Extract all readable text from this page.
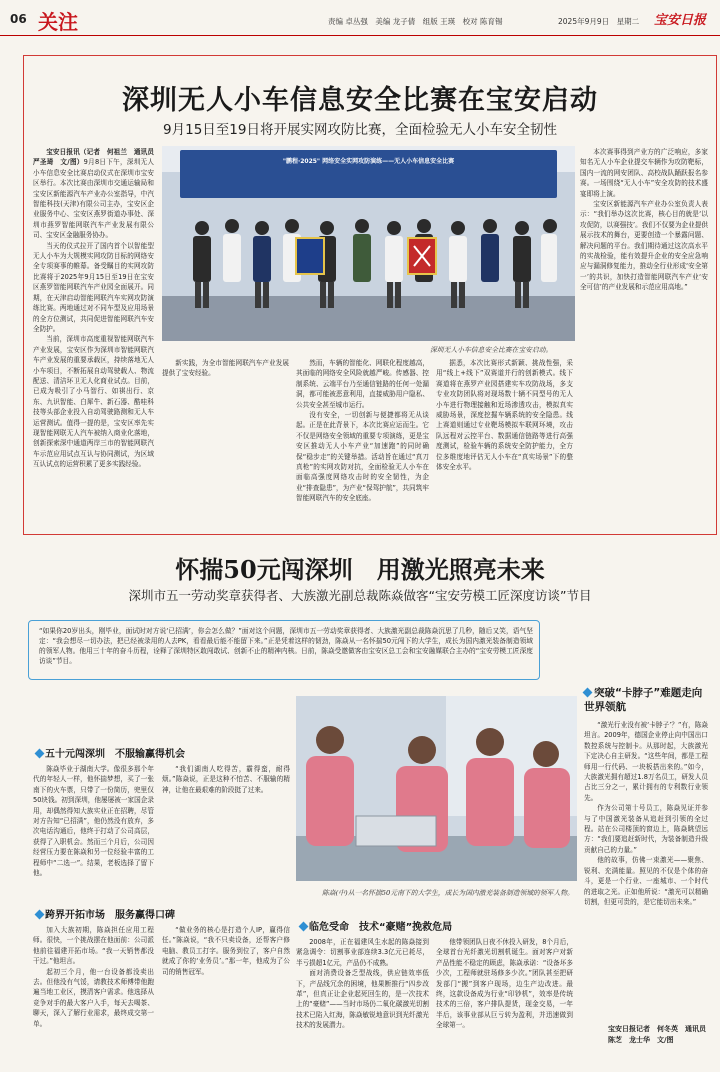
06 关注	责编 卓丛强　美编 龙子倩　组版 王瑛　校对 陈育锡	2025年9月9日　星期二 宝安日报
深圳无人小车信息安全比赛在宝安启动
9月15日至19日将开展实网攻防比赛，全面检验无人小车安全韧性
"鹏程·2025" 网络安全实网攻防演练——无人小车信息安全比赛
深圳无人小车信息安全比赛在宝安启动。

宝安日报讯（记者　何祖兰　通讯员　严圣琦　文/图）9月8日下午，深圳无人小车信息安全比赛启动仪式在深圳市宝安区举行。本次比赛由深圳市交通运输局和宝安区新能源汽车产业办公室指导，中汽智能科技(天津)有限公司主办，宝安区企业服务中心、宝安区燕罗街道办事处、深圳市燕罗智能网联汽车产业发展有限公司、宝安区金融服务协办。

当天的仪式拉开了国内首个以智能型无人小车为大规模实网攻防目标的网络安全专项赛事的帷幕。备受瞩目的实网攻防比赛将于2025年9月15日至19日在宝安区燕罗智能网联汽车产业园全面展开。同期，在天津启动智能网联汽车实网攻防演练比赛。两地通过对不同车型及应用场景的全方位测试，共同促进智能网联汽车安全防护。

当前，深圳市高度重视智能网联汽车产业发展，宝安区作为深圳市智能网联汽车产业发展的重要承载区，持续落地无人小车项目，不断拓展自动驾驶载人、物流配送、清洁环卫无人化商业试点。目前，已成为吸引了小马智行、如祺出行、京东、九识智能、白犀牛、新石器、酷哇科技等头部企业投入自动驾驶路测和无人车运营测试。值得一提的是，宝安区率先实现智能网联无人汽车被纳入商业化落地，创新探索深中通道两岸三市的智能网联汽车示范应用试点互认与协同测试，为区域互认试点的运营积累了更多实践经验。

新实践，为全市智能网联汽车产业发展提供了宝安经验。

然而，车辆的智能化、网联化程度越高，其面临的网络安全风险就越严峻。传感器、控制系统、云端平台乃至通信链路的任何一处漏洞，都可能被恶意利用，直接威胁用户隐私、公共安全甚至城市运行。

没有安全，一切创新与便捷都将无从谈起。正是在此背景下，本次比赛应运而生。它不仅是网络安全领域的重要专项演练，更是宝安区推动无人小车产业“加速跑”的同时确保“稳步走”的关键举措。活动旨在通过“真刀真枪”的实网攻防对抗，全面检验无人小车在面临高强度网络攻击时的安全韧性，为企业“排查隐患”，为产业“保驾护航”，共同筑牢智能网联汽车的安全底座。

据悉，本次比赛形式新颖、挑战性强，采用“线上+线下”双赛道并行的创新模式。线下赛道将在燕罗产业园搭建实车攻防战场，多支专业攻防团队将对现场数十辆不同型号的无人小车进行物理接触和近场渗透攻击，模拟真实威胁场景，深度挖掘车辆系统的安全隐患。线上赛道则通过专业靶场模拟车联网环境，攻击队远程对云控平台、数据通信链路等进行高强度测试，检验车辆的系统安全防护能力，全方位多维度地评估无人小车在“真实场景”下的整体安全水平。

本次赛事得到产业方的广泛响应，多家知名无人小车企业提交车辆作为攻防靶标，国内一流的网安团队、高校战队踊跃报名参赛。一场围绕“无人小车”安全攻防的技术盛宴即将上演。

宝安区新能源汽车产业办公室负责人表示：“我们举办这次比赛，核心目的就是‘以攻促防，以赛强技’。我们不仅要为企业提供展示技术的舞台，更要创造一个暴露问题、解决问题的平台。我们期待通过这次高水平的实战检验，能有效提升企业的安全应急响应与漏洞修复能力，推动全行业形成‘安全第一’的共识，加快打造智能网联汽车产业‘安全可信’的产业发展和示范应用高地。”

怀揣50元闯深圳　用激光照亮未来
深圳市五一劳动奖章获得者、大族激光副总裁陈焱做客“宝安劳模工匠深度访谈”节目
“如果你20岁出头，刚毕业，面试时对方说‘已招满’，你会怎么做？”面对这个问题，深圳市五一劳动奖章获得者、大族激光副总裁陈焱沉思了几秒，随后又笑，语气坚定：“我会想尽一切办法，把已经被录用的人去PK，看看最后能不能留下来。”正是凭着这样的韧劲，陈焱从一名怀揣50元闯下的大学生，成长为国内激光装备制造领域的领军人物。他用三十年的奋斗历程，诠释了深圳特区敢闯敢试、创新不止的精神内核。日前，陈焱受邀做客由宝安区总工会和宝安融媒联合主办的“宝安劳模工匠深度访谈”节目。
五十元闯深圳　不服输赢得机会

陈焱毕业于湖南大学。像很多那个年代的年轻人一样，他怀揣梦想，买了一张南下的火车票，只带了一份简历，兜里仅50块钱。初到深圳，他屡屡被一家国企录用，却偶然得知大族实业正在招聘，尽管对方告知“已招满”，他仍然没有放弃，多次电话沟通后，他终于打动了公司高层，获得了入职机会。然而三个月后，公司因经营压力要在陈焱和另一位经验丰富的工程师中“二选一”。结果，老板选择了留下他。

“我们湖南人吃得苦，霸得蛮，耐得烦。”陈焱说，正是这种不怕苦、不服输的精神，让他在最艰难的阶段挺了过来。

跨界开拓市场　服务赢得口碑

加入大族初期，陈焱担任应用工程师。很快，一个挑战摆在他面前：公司派他前往福建开拓市场。“我一天销售都没干过。”他坦言。

起初三个月，他一台设备都没卖出去。但他没有气馁，请教技术师傅带他跑遍当地工业区，摸清客户需求。他选择从竞争对手的最大客户入手，每天去喝茶、聊天，深入了解行业需求，最终成交第一单。

“做业务的核心是打造个人IP，赢得信任。”陈焱说，“我不只卖设备，还帮客户修电脑、教员工打字。服务到位了，客户自然就成了你的‘业务员’。”那一年，他成为了公司的销售冠军。

陈焱(中)从一名怀揣50元南下的大学生，成长为国内激光装备制造领域的领军人物。
临危受命　技术“豪赌”挽救危局

2008年，正在福建风生水起的陈焱接到紧急调令：切割事业部连续3.3亿元已耗尽，半亏损超1亿元，产品仍不成熟。

面对消费设备乏型战线，供应链效率低下，产品线冗余的困境，他果断推行“四步改革”，但真正让企业起死回生的，是一次技术上的“豪赌”——当时市场仍二氧化碳激光切割技术已陷入红海，陈焱敏锐地意识到光纤激光技术的发展潜力。

他带领团队日夜不休投入研发，8个月后，全球首台光纤激光切割机诞生。面对客户对新产品性能不稳定的顾虑，陈焱承诺：“设备坏多少次，工程师就驻场修多少次。”团队甚至把研发部门“搬”到客户现场，边生产边改进。最终，这款设备成为行业“印钞机”，效率是传统技术的三倍，客户排队提货，现金交易，一年半后，该事业部从巨亏转为盈利，并迅速做到全球第一。

突破“卡脖子”难题走向世界领航

“激光行业没有被‘卡脖子’？”有，陈焱坦言。2009年，德国企业停止向中国出口数控系统与控制卡。从那时起，大族激光下定决心自主研发。“这些年间，都是工程师用一行代码、一块板搭出来的。”如今，大族激光拥有超过1.8万名员工，研发人员占比三分之一，累计拥有的专利数行业领先。

作为公司第十号员工，陈焱见证并参与了中国激光装备从追赶到引领的全过程。站在公司楼顶的窗边上，陈焱眺望远方：“我们要追赶新时代，为装备制造升级贡献自己的力量。”

他的故事，仿佛一束激光——聚焦、锐利、充满能量。照见的不仅是个体的奋斗，更是一个行业、一座城市、一个时代的进取之光。正如他所说：“激光可以精确切割，但更可贵的，是它能切出未来。”

宝安日报记者　何冬英　通讯员　陈芝　龙士华　文/图
